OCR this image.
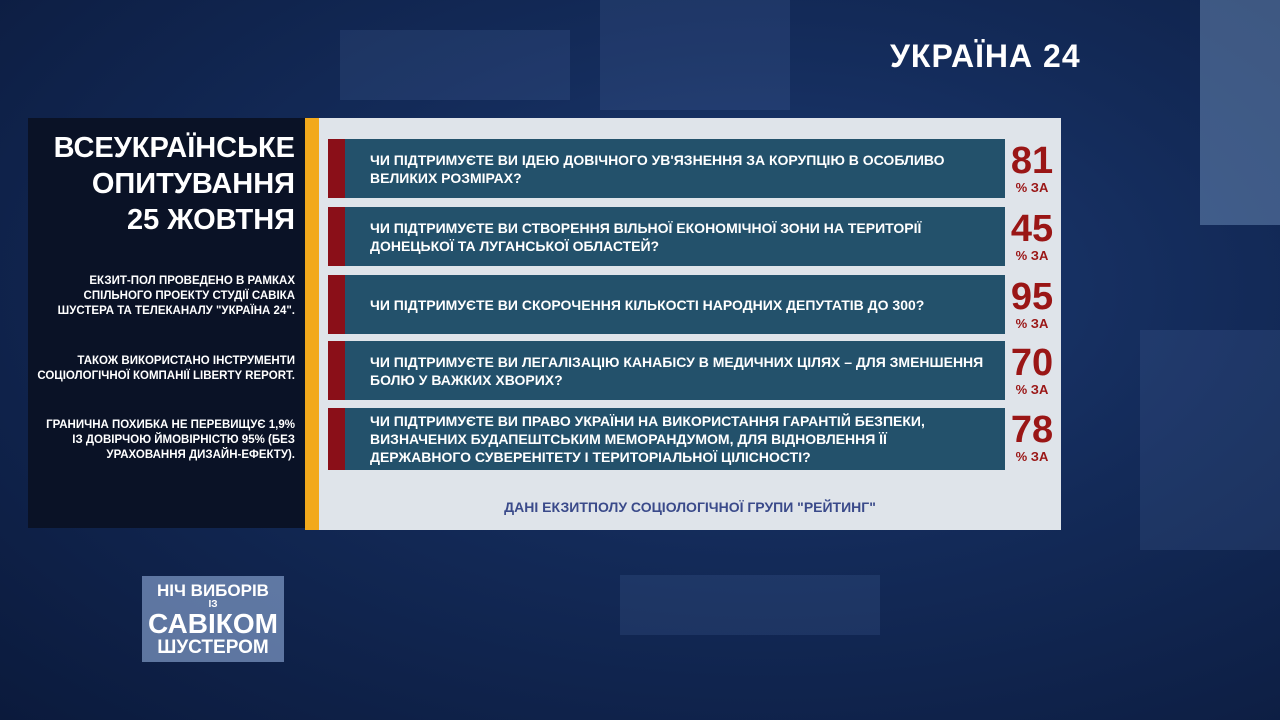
УКРАЇНА 24
ВСЕУКРАЇНСЬКЕ
ОПИТУВАННЯ
25 ЖОВТНЯ
ЕКЗИТ-ПОЛ ПРОВЕДЕНО В РАМКАХ СПІЛЬНОГО ПРОЕКТУ СТУДІЇ САВІКА ШУСТЕРА ТА ТЕЛЕКАНАЛУ "УКРАЇНА 24".
ТАКОЖ ВИКОРИСТАНО ІНСТРУМЕНТИ СОЦІОЛОГІЧНОЇ КОМПАНІЇ LIBERTY REPORT.
ГРАНИЧНА ПОХИБКА НЕ ПЕРЕВИЩУЄ 1,9% ІЗ ДОВІРЧОЮ ЙМОВІРНІСТЮ 95% (БЕЗ УРАХОВАННЯ ДИЗАЙН-ЕФЕКТУ).
ЧИ ПІДТРИМУЄТЕ ВИ ІДЕЮ ДОВІЧНОГО УВ'ЯЗНЕННЯ ЗА КОРУПЦІЮ В ОСОБЛИВО ВЕЛИКИХ РОЗМІРАХ?	81
% ЗА
ЧИ ПІДТРИМУЄТЕ ВИ СТВОРЕННЯ ВІЛЬНОЇ ЕКОНОМІЧНОЇ ЗОНИ НА ТЕРИТОРІЇ ДОНЕЦЬКОЇ ТА ЛУГАНСЬКОЇ ОБЛАСТЕЙ?	45
% ЗА
ЧИ ПІДТРИМУЄТЕ ВИ СКОРОЧЕННЯ КІЛЬКОСТІ НАРОДНИХ ДЕПУТАТІВ ДО 300?	95
% ЗА
ЧИ ПІДТРИМУЄТЕ ВИ ЛЕГАЛІЗАЦІЮ КАНАБІСУ В МЕДИЧНИХ ЦІЛЯХ – ДЛЯ ЗМЕНШЕННЯ БОЛЮ У ВАЖКИХ ХВОРИХ?	70
% ЗА
ЧИ ПІДТРИМУЄТЕ ВИ ПРАВО УКРАЇНИ НА ВИКОРИСТАННЯ ГАРАНТІЙ БЕЗПЕКИ, ВИЗНАЧЕНИХ БУДАПЕШТСЬКИМ МЕМОРАНДУМОМ, ДЛЯ ВІДНОВЛЕННЯ ЇЇ ДЕРЖАВНОГО СУВЕРЕНІТЕТУ І ТЕРИТОРІАЛЬНОЇ ЦІЛІСНОСТІ?
78
% ЗА
ДАНІ ЕКЗИТПОЛУ СОЦІОЛОГІЧНОЇ ГРУПИ "РЕЙТИНГ"
НІЧ ВИБОРІВ
ІЗ
САВІКОМ
ШУСТЕРОМ
